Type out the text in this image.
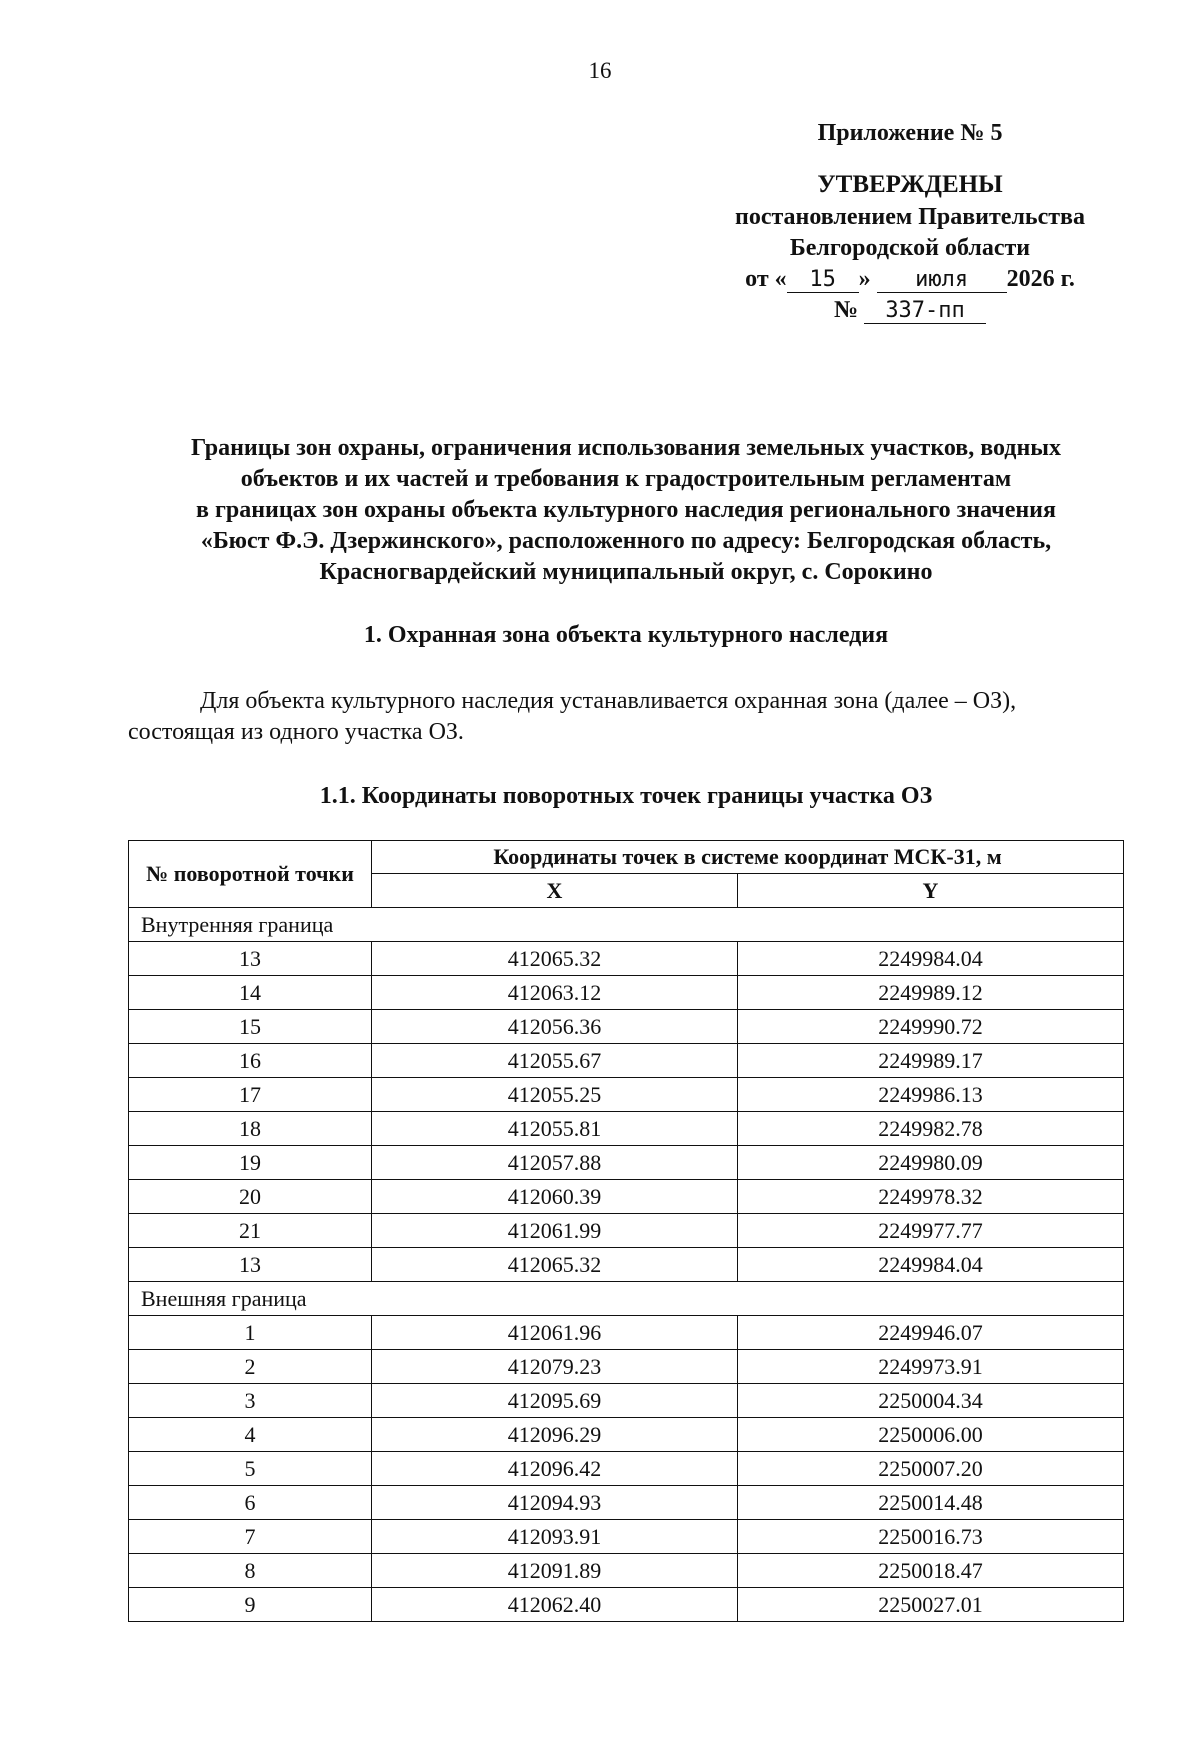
16
Приложение № 5
УТВЕРЖДЕНЫ
постановлением Правительства
Белгородской области
от « 15 » июля 2026 г.
№ 337-пп
Границы зон охраны, ограничения использования земельных участков, водных
объектов и их частей и требования к градостроительным регламентам
в границах зон охраны объекта культурного наследия регионального значения
«Бюст Ф.Э. Дзержинского», расположенного по адресу: Белгородская область,
Красногвардейский муниципальный округ, с. Сорокино
1. Охранная зона объекта культурного наследия
Для объекта культурного наследия устанавливается охранная зона (далее – ОЗ),
состоящая из одного участка ОЗ.
1.1. Координаты поворотных точек границы участка ОЗ
№ поворотной точки	Координаты точек в системе координат МСК-31, м	
	X	Y
Внутренняя граница		
13	412065.32	2249984.04
14	412063.12	2249989.12
15	412056.36	2249990.72
16	412055.67	2249989.17
17	412055.25	2249986.13
18	412055.81	2249982.78
19	412057.88	2249980.09
20	412060.39	2249978.32
21	412061.99	2249977.77
13	412065.32	2249984.04
Внешняя граница		
1	412061.96	2249946.07
2	412079.23	2249973.91
3	412095.69	2250004.34
4	412096.29	2250006.00
5	412096.42	2250007.20
6	412094.93	2250014.48
7	412093.91	2250016.73
8	412091.89	2250018.47
9	412062.40	2250027.01
